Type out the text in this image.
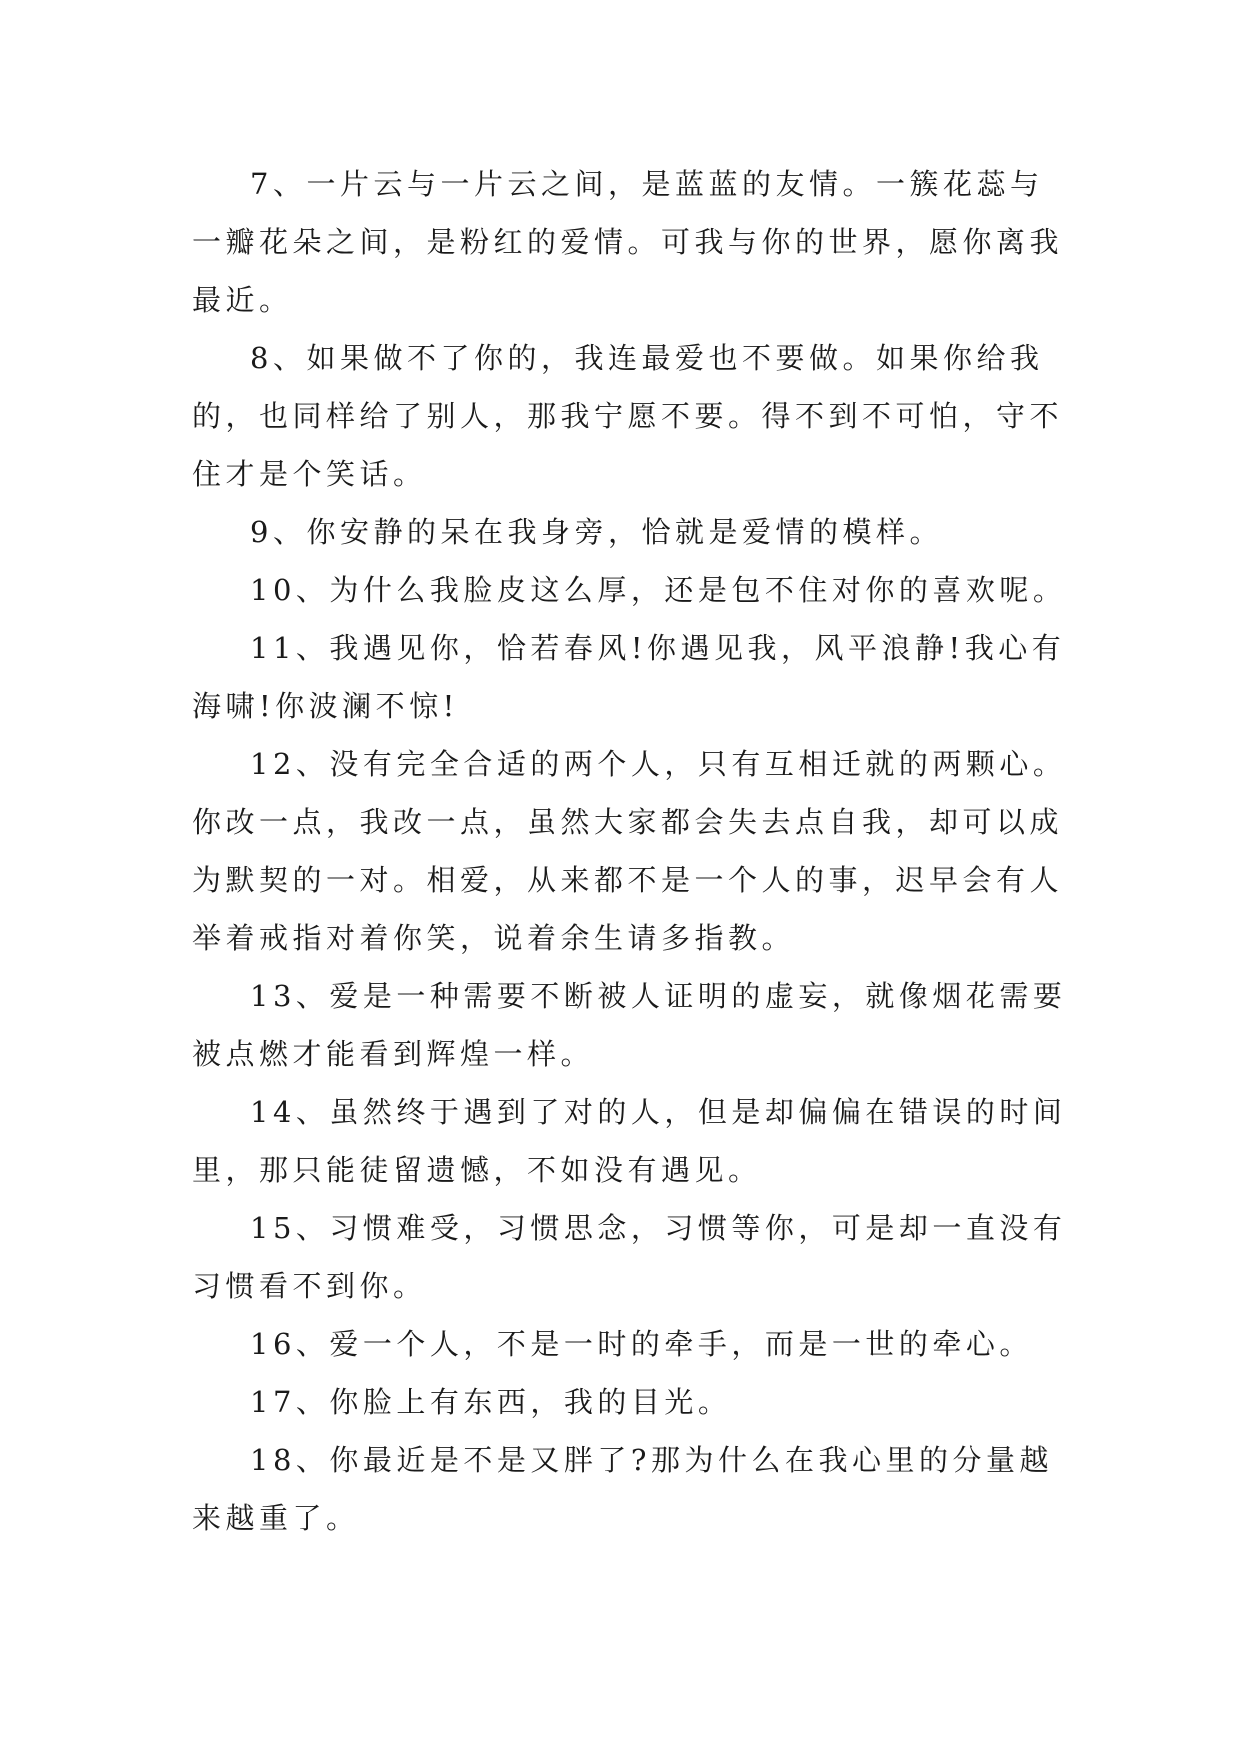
7、一片云与一片云之间，是蓝蓝的友情。一簇花蕊与一瓣花朵之间，是粉红的爱情。可我与你的世界，愿你离我最近。

8、如果做不了你的，我连最爱也不要做。如果你给我的，也同样给了别人，那我宁愿不要。得不到不可怕，守不住才是个笑话。

9、你安静的呆在我身旁，恰就是爱情的模样。

10、为什么我脸皮这么厚，还是包不住对你的喜欢呢。

11、我遇见你，恰若春风!你遇见我，风平浪静!我心有海啸!你波澜不惊!

12、没有完全合适的两个人，只有互相迁就的两颗心。你改一点，我改一点，虽然大家都会失去点自我，却可以成为默契的一对。相爱，从来都不是一个人的事，迟早会有人举着戒指对着你笑，说着余生请多指教。

13、爱是一种需要不断被人证明的虚妄，就像烟花需要被点燃才能看到辉煌一样。

14、虽然终于遇到了对的人，但是却偏偏在错误的时间里，那只能徒留遗憾，不如没有遇见。

15、习惯难受，习惯思念，习惯等你，可是却一直没有习惯看不到你。

16、爱一个人，不是一时的牵手，而是一世的牵心。

17、你脸上有东西，我的目光。

18、你最近是不是又胖了?那为什么在我心里的分量越来越重了。
